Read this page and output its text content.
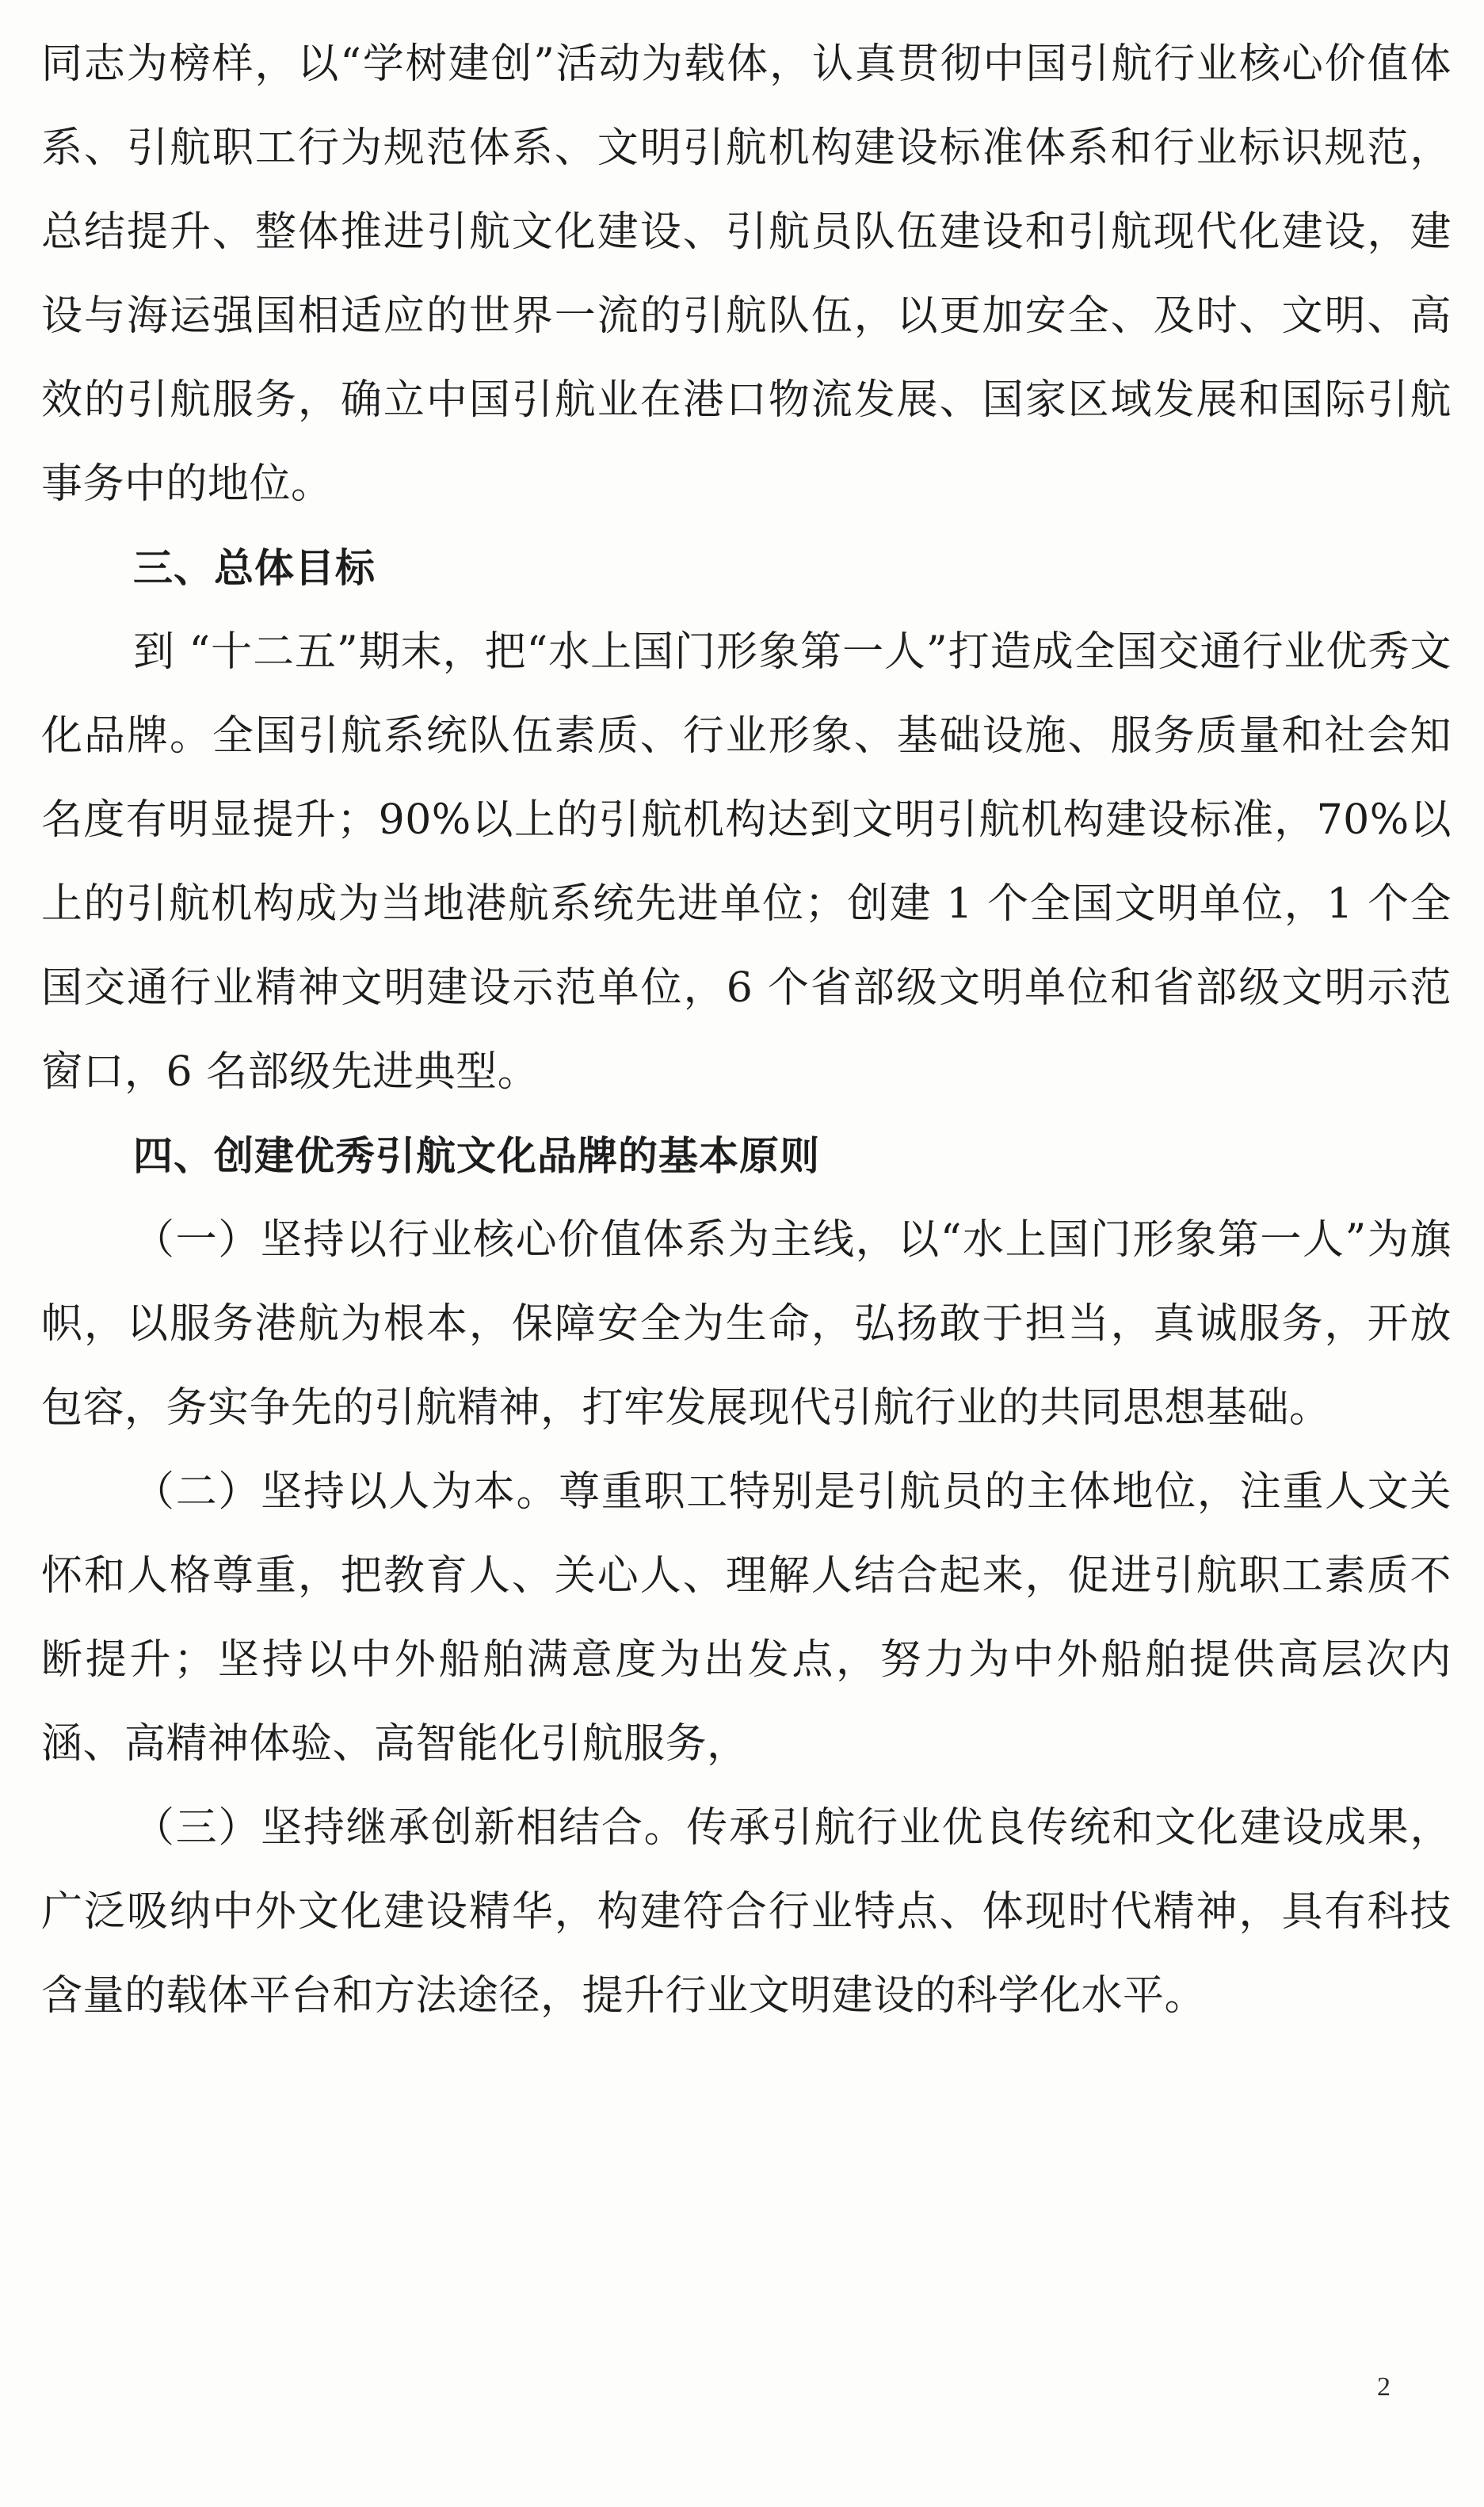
同志为榜样，以“学树建创”活动为载体，认真贯彻中国引航行业核心价值体系、引航职工行为规范体系、文明引航机构建设标准体系和行业标识规范，总结提升、整体推进引航文化建设、引航员队伍建设和引航现代化建设，建设与海运强国相适应的世界一流的引航队伍，以更加安全、及时、文明、高效的引航服务，确立中国引航业在港口物流发展、国家区域发展和国际引航事务中的地位。

三、总体目标

到 “十二五”期末，把“水上国门形象第一人”打造成全国交通行业优秀文化品牌。全国引航系统队伍素质、行业形象、基础设施、服务质量和社会知名度有明显提升；90%以上的引航机构达到文明引航机构建设标准，70%以上的引航机构成为当地港航系统先进单位；创建 1 个全国文明单位，1 个全国交通行业精神文明建设示范单位，6 个省部级文明单位和省部级文明示范窗口，6 名部级先进典型。

四、创建优秀引航文化品牌的基本原则

（一）坚持以行业核心价值体系为主线，以“水上国门形象第一人”为旗帜，以服务港航为根本，保障安全为生命，弘扬敢于担当，真诚服务，开放包容，务实争先的引航精神，打牢发展现代引航行业的共同思想基础。

（二）坚持以人为本。尊重职工特别是引航员的主体地位，注重人文关怀和人格尊重，把教育人、关心人、理解人结合起来，促进引航职工素质不断提升；坚持以中外船舶满意度为出发点，努力为中外船舶提供高层次内涵、高精神体验、高智能化引航服务，

（三）坚持继承创新相结合。传承引航行业优良传统和文化建设成果，广泛吸纳中外文化建设精华，构建符合行业特点、体现时代精神，具有科技含量的载体平台和方法途径，提升行业文明建设的科学化水平。

2
